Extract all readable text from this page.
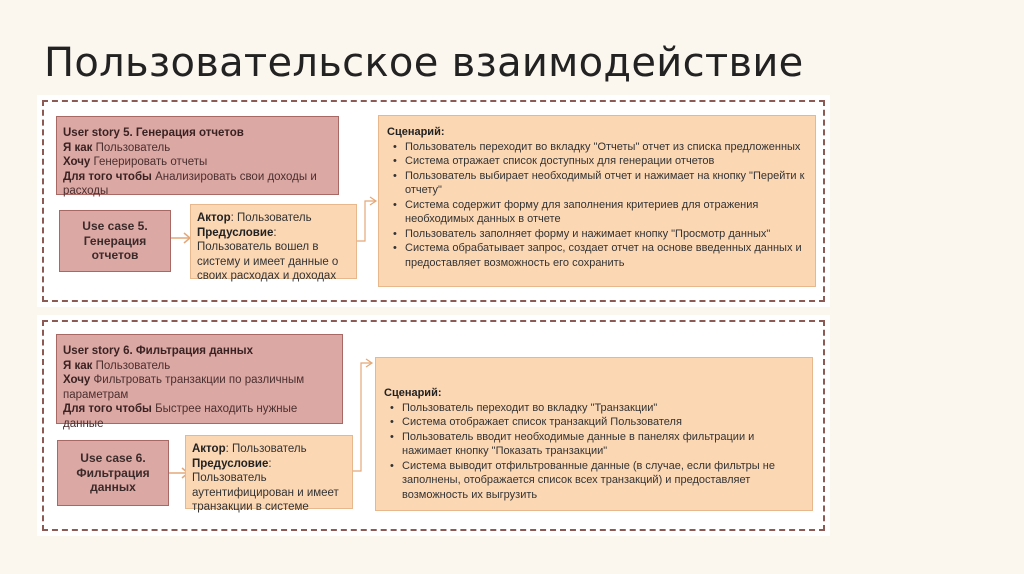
Пользовательское взаимодействие
User story 5. Генерация отчетов
Я как Пользователь
Хочу Генерировать отчеты
Для того чтобы Анализировать свои доходы и расходы
Use case 5.
Генерация отчетов
Актор: Пользователь
Предусловие: Пользователь вошел в систему и имеет данные о своих расходах и доходах
Сценарий:
• Пользователь переходит во вкладку "Отчеты" отчет из списка предложенных
• Система отражает список доступных для генерации отчетов
• Пользователь выбирает необходимый отчет и нажимает на кнопку "Перейти к отчету"
• Система содержит форму для заполнения критериев для отражения необходимых данных в отчете
• Пользователь заполняет форму и нажимает кнопку "Просмотр данных"
• Система обрабатывает запрос, создает отчет на основе введенных данных и предоставляет возможность его сохранить
User story 6. Фильтрация данных
Я как Пользователь
Хочу Фильтровать транзакции по различным параметрам
Для того чтобы Быстрее находить нужные данные
Use case 6.
Фильтрация
данных
Актор: Пользователь
Предусловие: Пользователь аутентифицирован и имеет транзакции в системе
Сценарий:
• Пользователь переходит во вкладку "Транзакции"
• Система отображает список транзакций Пользователя
• Пользователь вводит необходимые данные в панелях фильтрации и нажимает кнопку "Показать транзакции"
• Система выводит отфильтрованные данные (в случае, если фильтры не заполнены, отображается список всех транзакций) и предоставляет возможность их выгрузить
